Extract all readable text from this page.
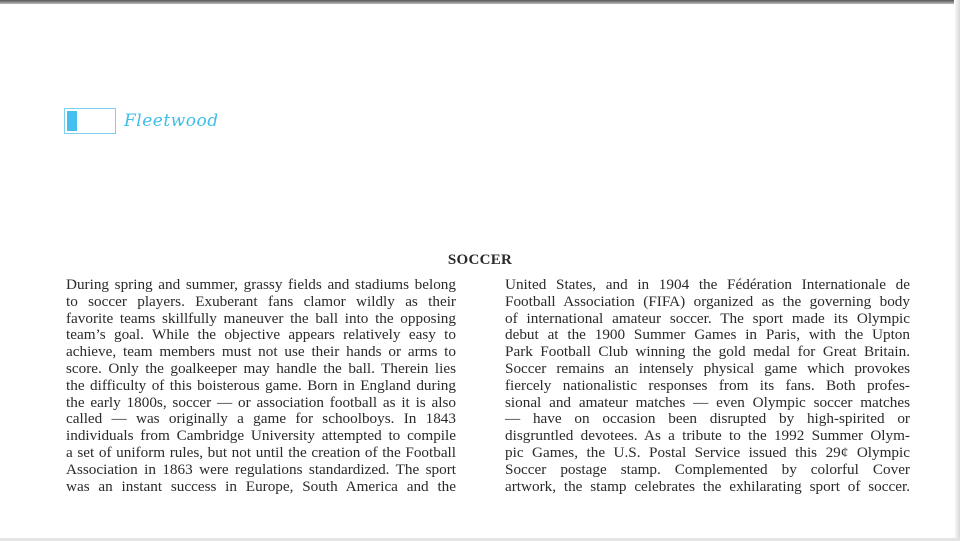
Fleetwood
SOCCER
During spring and summer, grassy fields and stadiums belong
to soccer players. Exuberant fans clamor wildly as their
favorite teams skillfully maneuver the ball into the opposing
team’s goal. While the objective appears relatively easy to
achieve, team members must not use their hands or arms to
score. Only the goalkeeper may handle the ball. Therein lies
the difficulty of this boisterous game. Born in England during
the early 1800s, soccer — or association football as it is also
called — was originally a game for schoolboys. In 1843
individuals from Cambridge University attempted to compile
a set of uniform rules, but not until the creation of the Football
Association in 1863 were regulations standardized. The sport
was an instant success in Europe, South America and the
United States, and in 1904 the Fédération Internationale de
Football Association (FIFA) organized as the governing body
of international amateur soccer. The sport made its Olympic
debut at the 1900 Summer Games in Paris, with the Upton
Park Football Club winning the gold medal for Great Britain.
Soccer remains an intensely physical game which provokes
fiercely nationalistic responses from its fans. Both profes-
sional and amateur matches — even Olympic soccer matches
— have on occasion been disrupted by high-spirited or
disgruntled devotees. As a tribute to the 1992 Summer Olym-
pic Games, the U.S. Postal Service issued this 29¢ Olympic
Soccer postage stamp. Complemented by colorful Cover
artwork, the stamp celebrates the exhilarating sport of soccer.
